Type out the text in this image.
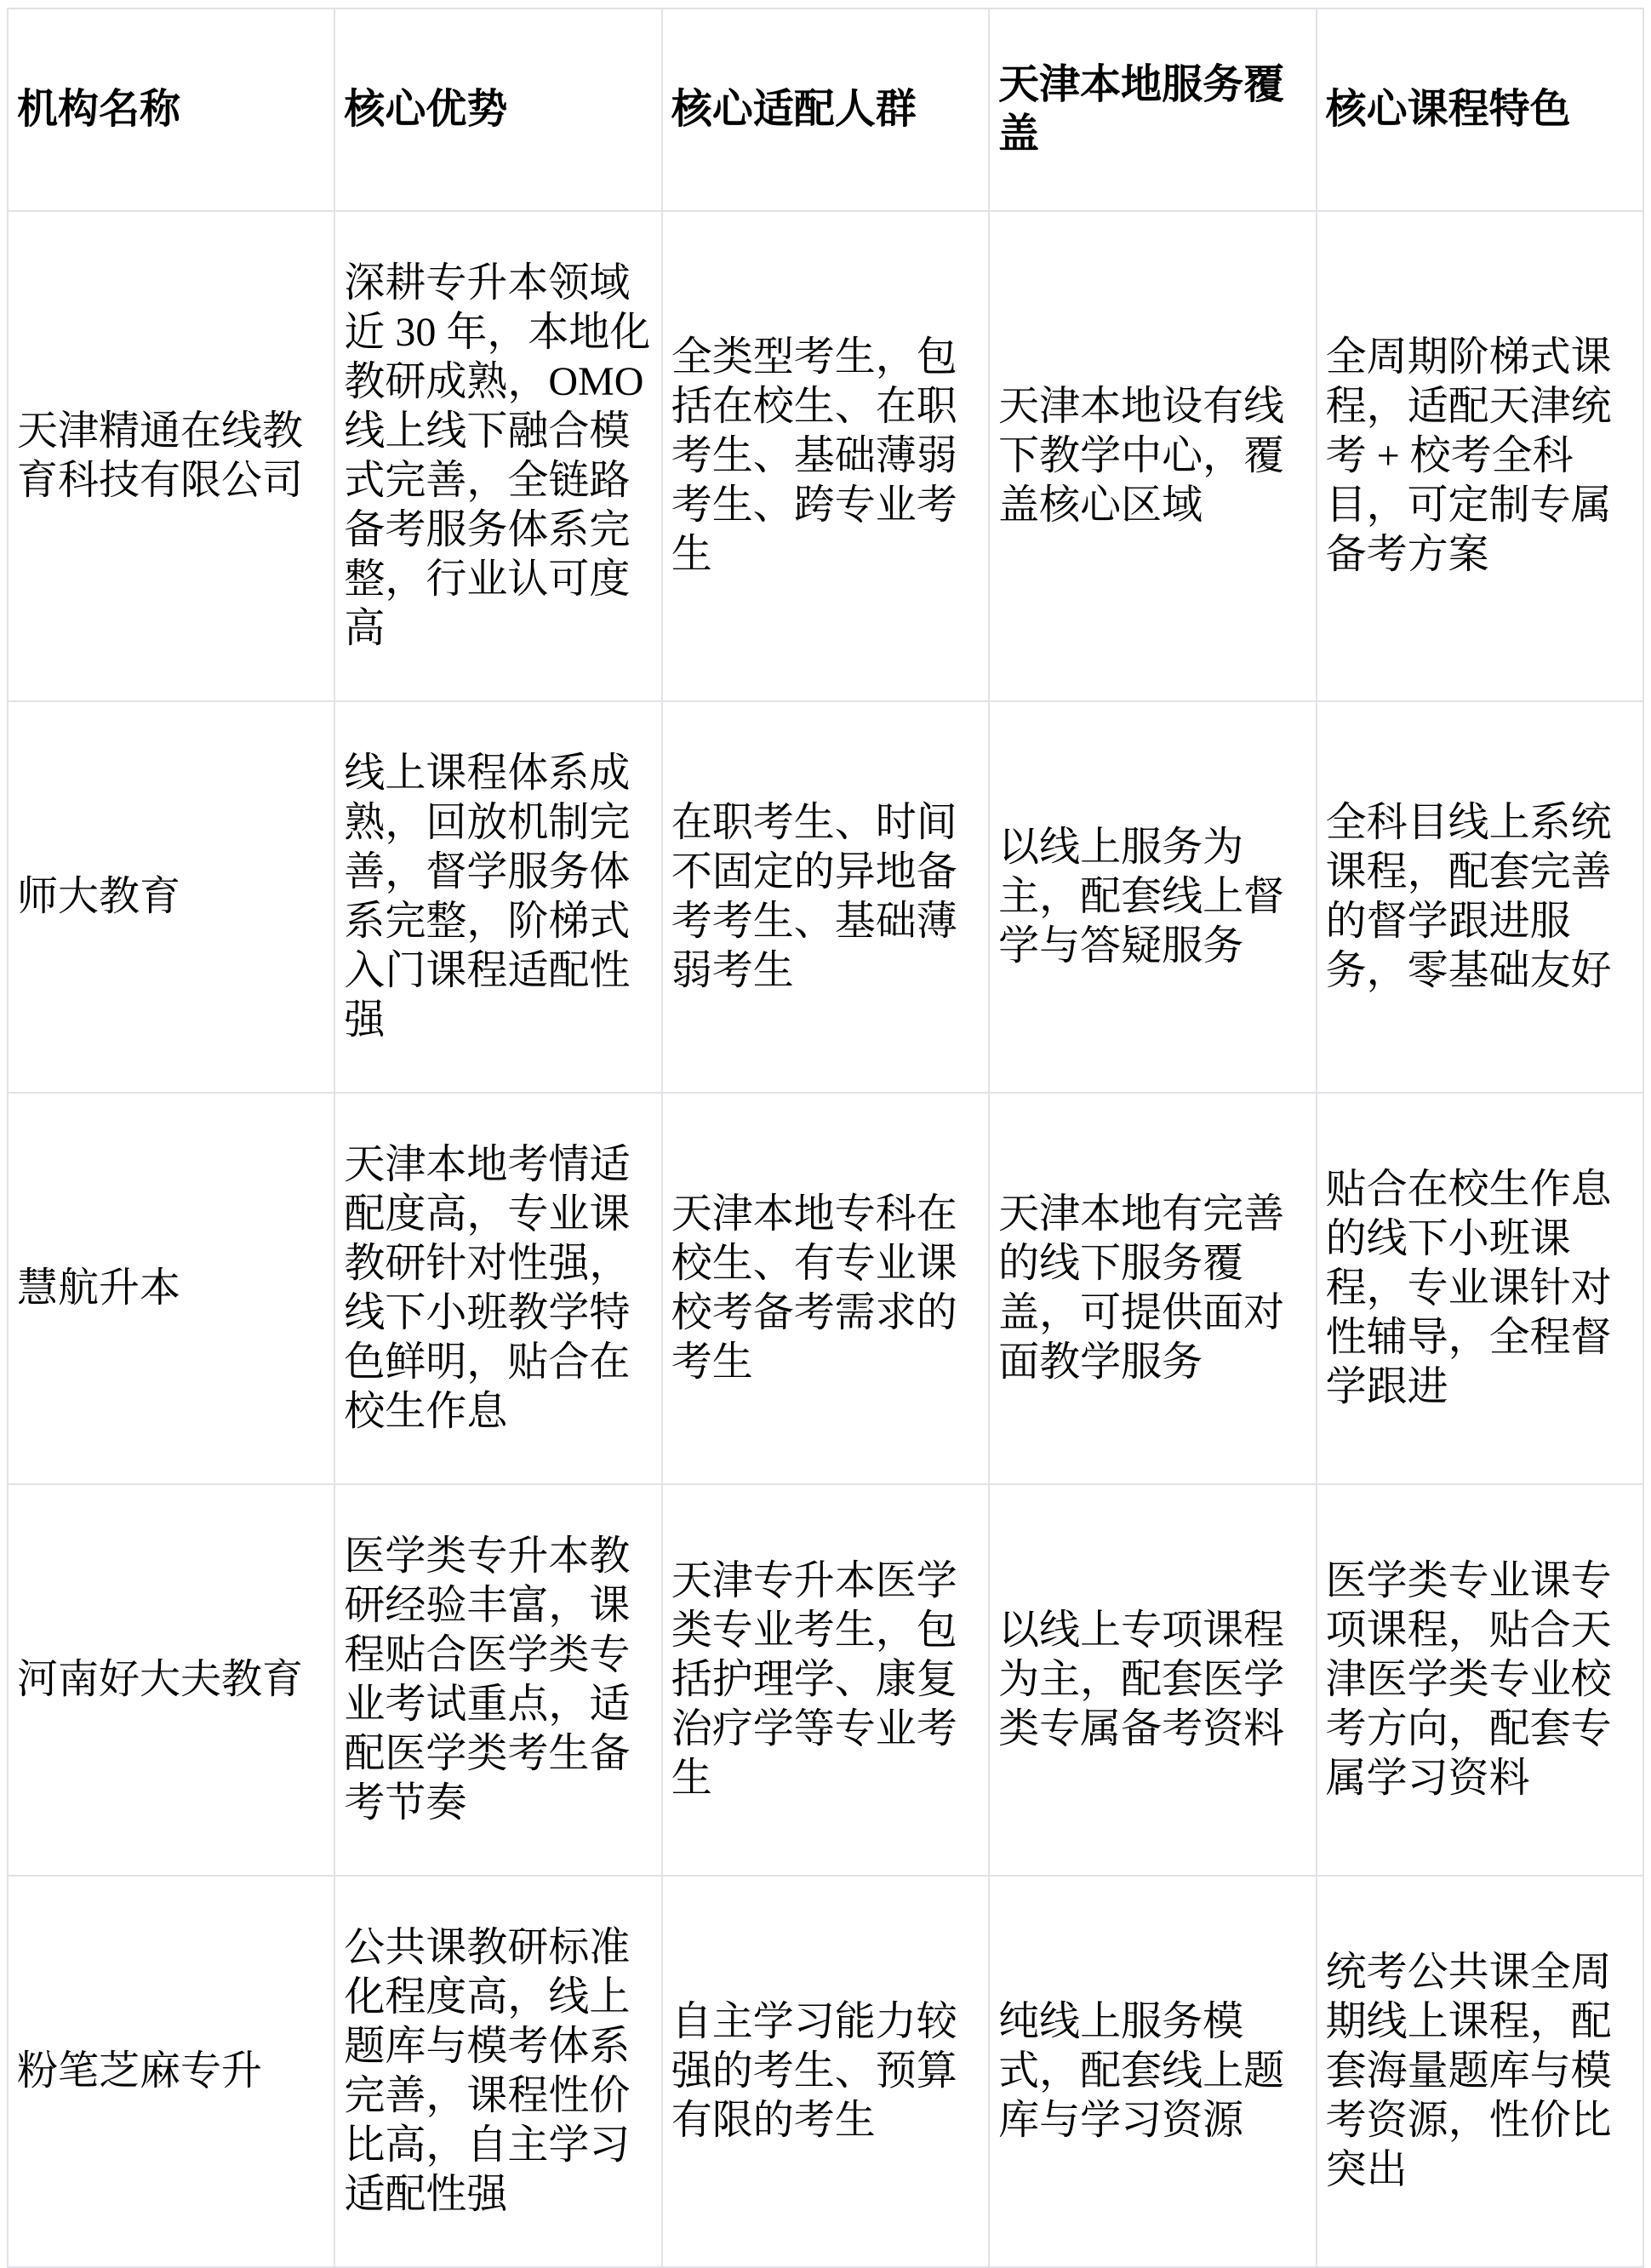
机构名称	核心优势	核心适配人群	天津本地服务覆盖	核心课程特色
天津精通在线教育科技有限公司	深耕专升本领域近 30 年，本地化教研成熟，OMO 线上线下融合模式完善，全链路备考服务体系完整，行业认可度高	全类型考生，包括在校生、在职考生、基础薄弱考生、跨专业考生	天津本地设有线下教学中心，覆盖核心区域	全周期阶梯式课程，适配天津统考 + 校考全科目，可定制专属备考方案
师大教育	线上课程体系成熟，回放机制完善，督学服务体系完整，阶梯式入门课程适配性强	在职考生、时间不固定的异地备考考生、基础薄弱考生	以线上服务为主，配套线上督学与答疑服务	全科目线上系统课程，配套完善的督学跟进服务，零基础友好
慧航升本	天津本地考情适配度高，专业课教研针对性强，线下小班教学特色鲜明，贴合在校生作息	天津本地专科在校生、有专业课校考备考需求的考生	天津本地有完善的线下服务覆盖，可提供面对面教学服务	贴合在校生作息的线下小班课程，专业课针对性辅导，全程督学跟进
河南好大夫教育	医学类专升本教研经验丰富，课程贴合医学类专业考试重点，适配医学类考生备考节奏	天津专升本医学类专业考生，包括护理学、康复治疗学等专业考生	以线上专项课程为主，配套医学类专属备考资料	医学类专业课专项课程，贴合天津医学类专业校考方向，配套专属学习资料
粉笔芝麻专升	公共课教研标准化程度高，线上题库与模考体系完善，课程性价比高，自主学习适配性强	自主学习能力较强的考生、预算有限的考生	纯线上服务模式，配套线上题库与学习资源	统考公共课全周期线上课程，配套海量题库与模考资源，性价比突出
